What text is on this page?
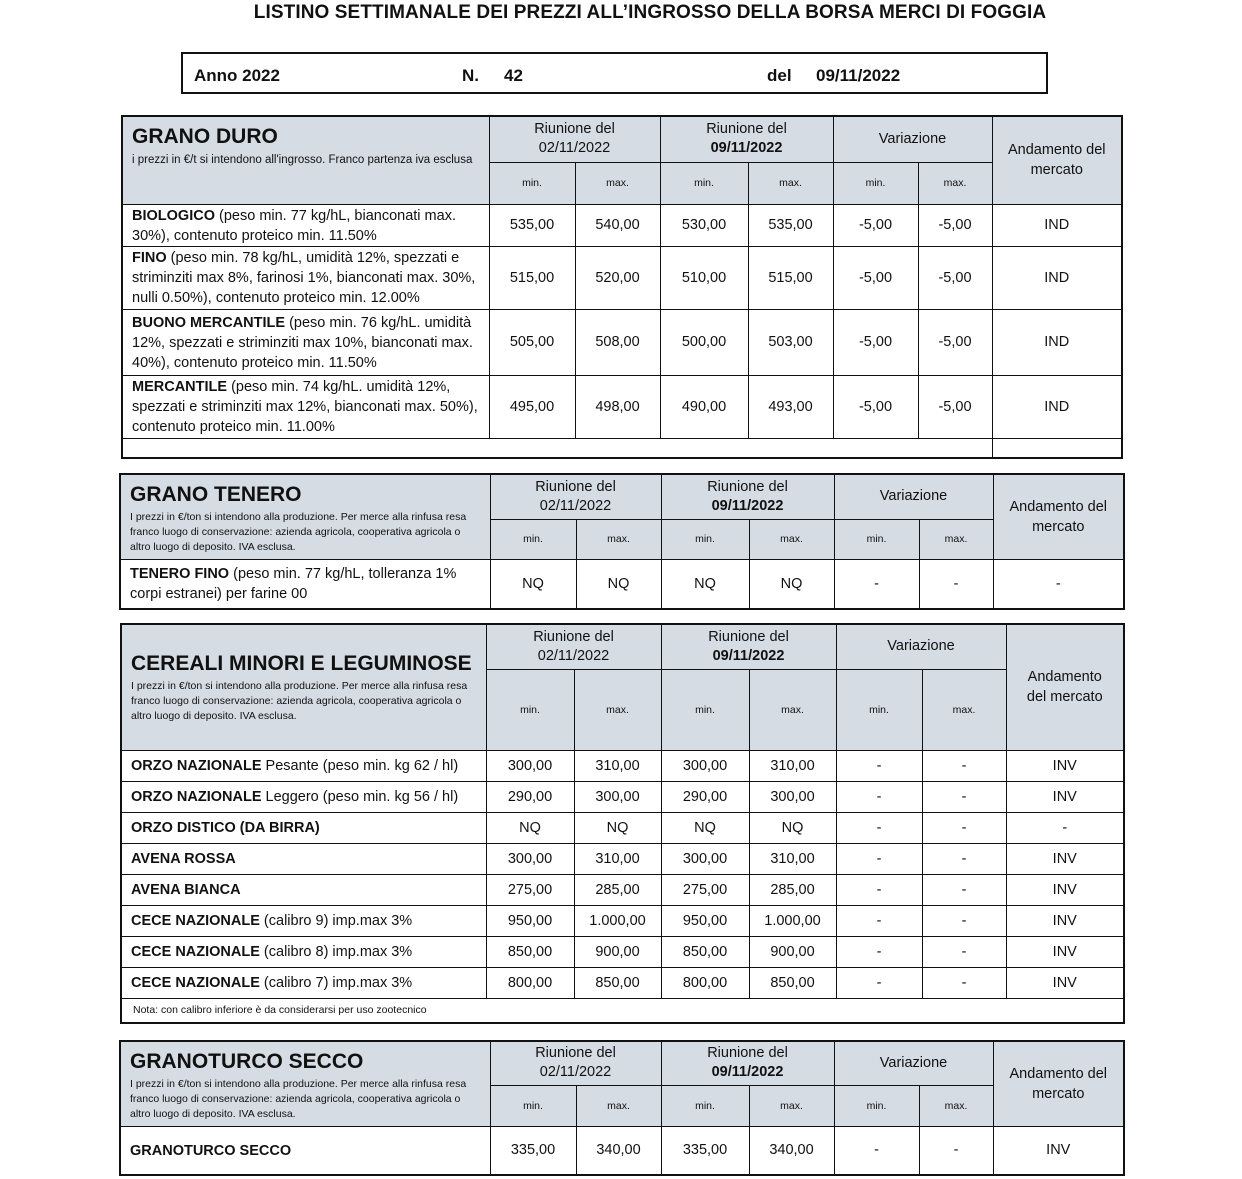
LISTINO SETTIMANALE DEI PREZZI ALL’INGROSSO DELLA BORSA MERCI DI FOGGIA
Anno 2022	N. 42	del 09/11/2022
GRANO DURO
i prezzi in €/t si intendono all'ingrosso. Franco partenza iva esclusa	Riunione del
02/11/2022		Riunione del
09/11/2022		Variazione		Andamento del mercato
	min.	max.	min.	max.	min.	max.	
BIOLOGICO (peso min. 77 kg/hL, bianconati max. 30%), contenuto proteico min. 11.50%	535,00	540,00	530,00	535,00	-5,00	-5,00	IND
FINO (peso min. 78 kg/hL, umidità 12%, spezzati e striminziti max 8%, farinosi 1%, bianconati max. 30%, nulli 0.50%), contenuto proteico min. 12.00%	515,00	520,00	510,00	515,00	-5,00	-5,00	IND
BUONO MERCANTILE (peso min. 76 kg/hL. umidità 12%, spezzati e striminziti max 10%, bianconati max. 40%), contenuto proteico min. 11.50%	505,00	508,00	500,00	503,00	-5,00	-5,00	IND
MERCANTILE (peso min. 74 kg/hL. umidità 12%, spezzati e striminziti max 12%, bianconati max. 50%), contenuto proteico min. 11.00%	495,00	498,00	490,00	493,00	-5,00	-5,00	IND

GRANO TENERO
I prezzi in €/ton si intendono alla produzione. Per merce alla rinfusa resa franco luogo di conservazione: azienda agricola, cooperativa agricola o altro luogo di deposito. IVA esclusa.	Riunione del
02/11/2022		Riunione del
09/11/2022		Variazione		Andamento del mercato
	min.	max.	min.	max.	min.	max.	
TENERO FINO (peso min. 77 kg/hL, tolleranza 1% corpi estranei) per farine 00	NQ	NQ	NQ	NQ	-	-	-
CEREALI MINORI E LEGUMINOSE
I prezzi in €/ton si intendono alla produzione. Per merce alla rinfusa resa franco luogo di conservazione: azienda agricola, cooperativa agricola o altro luogo di deposito. IVA esclusa.	Riunione del
02/11/2022		Riunione del
09/11/2022		Variazione		Andamento
del mercato
	min.	max.	min.	max.	min.	max.	
ORZO NAZIONALE Pesante (peso min. kg 62 / hl)	300,00	310,00	300,00	310,00	-	-	INV
ORZO NAZIONALE Leggero (peso min. kg 56 / hl)	290,00	300,00	290,00	300,00	-	-	INV
ORZO DISTICO (DA BIRRA)	NQ	NQ	NQ	NQ	-	-	-
AVENA ROSSA	300,00	310,00	300,00	310,00	-	-	INV
AVENA BIANCA	275,00	285,00	275,00	285,00	-	-	INV
CECE NAZIONALE (calibro 9) imp.max 3%	950,00	1.000,00	950,00	1.000,00	-	-	INV
CECE NAZIONALE (calibro 8) imp.max 3%	850,00	900,00	850,00	900,00	-	-	INV
CECE NAZIONALE (calibro 7) imp.max 3%	800,00	850,00	800,00	850,00	-	-	INV
Nota: con calibro inferiore è da considerarsi per uso zootecnico							
GRANOTURCO SECCO
I prezzi in €/ton si intendono alla produzione. Per merce alla rinfusa resa franco luogo di conservazione: azienda agricola, cooperativa agricola o altro luogo di deposito. IVA esclusa.	Riunione del
02/11/2022		Riunione del
09/11/2022		Variazione		Andamento del mercato
	min.	max.	min.	max.	min.	max.	
GRANOTURCO SECCO	335,00	340,00	335,00	340,00	-	-	INV
